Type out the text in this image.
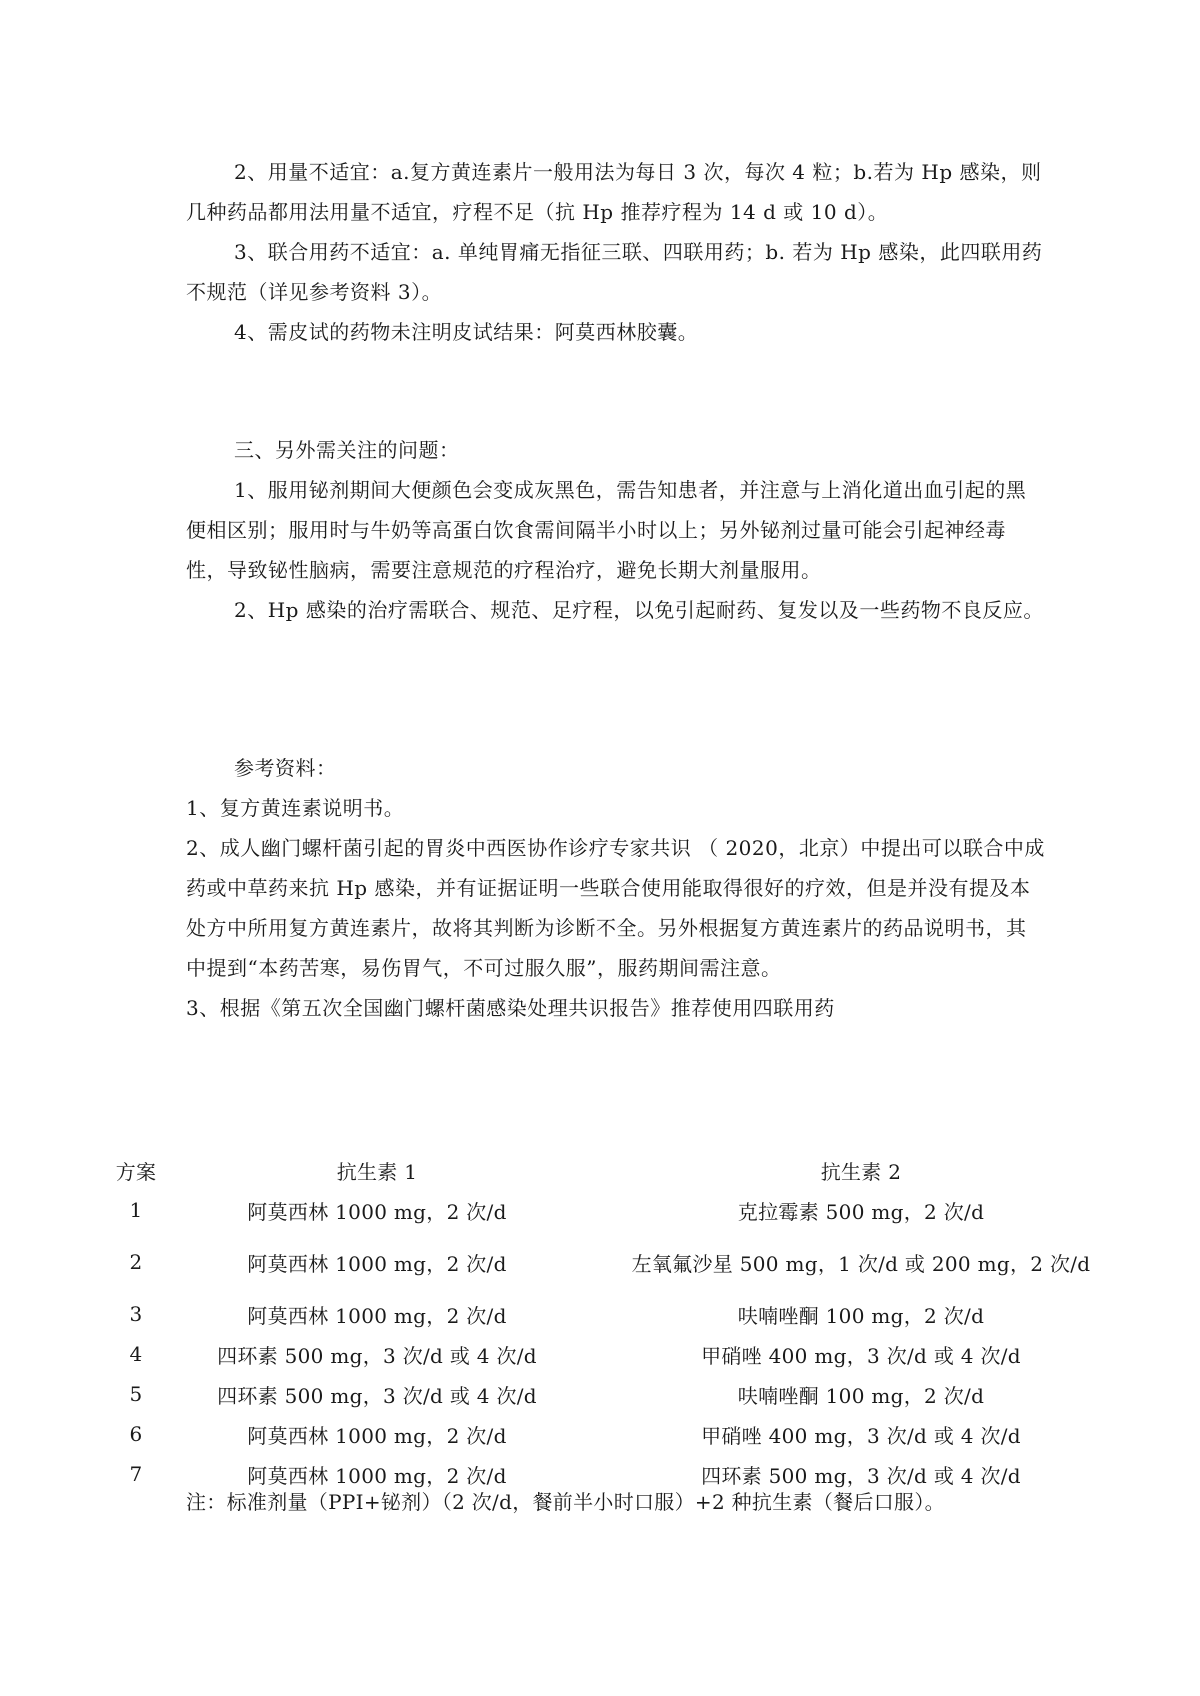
2、用量不适宜：a.复方黄连素片一般用法为每日 3 次，每次 4 粒；b.若为 Hp 感染，则几种药品都用法用量不适宜，疗程不足（抗 Hp 推荐疗程为 14 d 或 10 d）。

3、联合用药不适宜：a. 单纯胃痛无指征三联、四联用药；b. 若为 Hp 感染，此四联用药不规范（详见参考资料 3）。

4、需皮试的药物未注明皮试结果：阿莫西林胶囊。

三、另外需关注的问题：

1、服用铋剂期间大便颜色会变成灰黑色，需告知患者，并注意与上消化道出血引起的黑便相区别；服用时与牛奶等高蛋白饮食需间隔半小时以上；另外铋剂过量可能会引起神经毒性，导致铋性脑病，需要注意规范的疗程治疗，避免长期大剂量服用。

2、Hp 感染的治疗需联合、规范、足疗程，以免引起耐药、复发以及一些药物不良反应。

参考资料：

1、复方黄连素说明书。

2、成人幽门螺杆菌引起的胃炎中西医协作诊疗专家共识 （ 2020，北京）中提出可以联合中成药或中草药来抗 Hp 感染，并有证据证明一些联合使用能取得很好的疗效，但是并没有提及本处方中所用复方黄连素片，故将其判断为诊断不全。另外根据复方黄连素片的药品说明书，其中提到“本药苦寒，易伤胃气，不可过服久服”，服药期间需注意。

3、根据《第五次全国幽门螺杆菌感染处理共识报告》推荐使用四联用药

方案	抗生素 1	抗生素 2
1	阿莫西林 1000 mg，2 次/d	克拉霉素 500 mg，2 次/d
2	阿莫西林 1000 mg，2 次/d	左氧氟沙星 500 mg，1 次/d 或 200 mg，2 次/d
3	阿莫西林 1000 mg，2 次/d	呋喃唑酮 100 mg，2 次/d
4	四环素 500 mg，3 次/d 或 4 次/d	甲硝唑 400 mg，3 次/d 或 4 次/d
5	四环素 500 mg，3 次/d 或 4 次/d	呋喃唑酮 100 mg，2 次/d
6	阿莫西林 1000 mg，2 次/d	甲硝唑 400 mg，3 次/d 或 4 次/d
7	阿莫西林 1000 mg，2 次/d	四环素 500 mg，3 次/d 或 4 次/d

注：标准剂量（PPI+铋剂）（2 次/d，餐前半小时口服）+2 种抗生素（餐后口服）。
